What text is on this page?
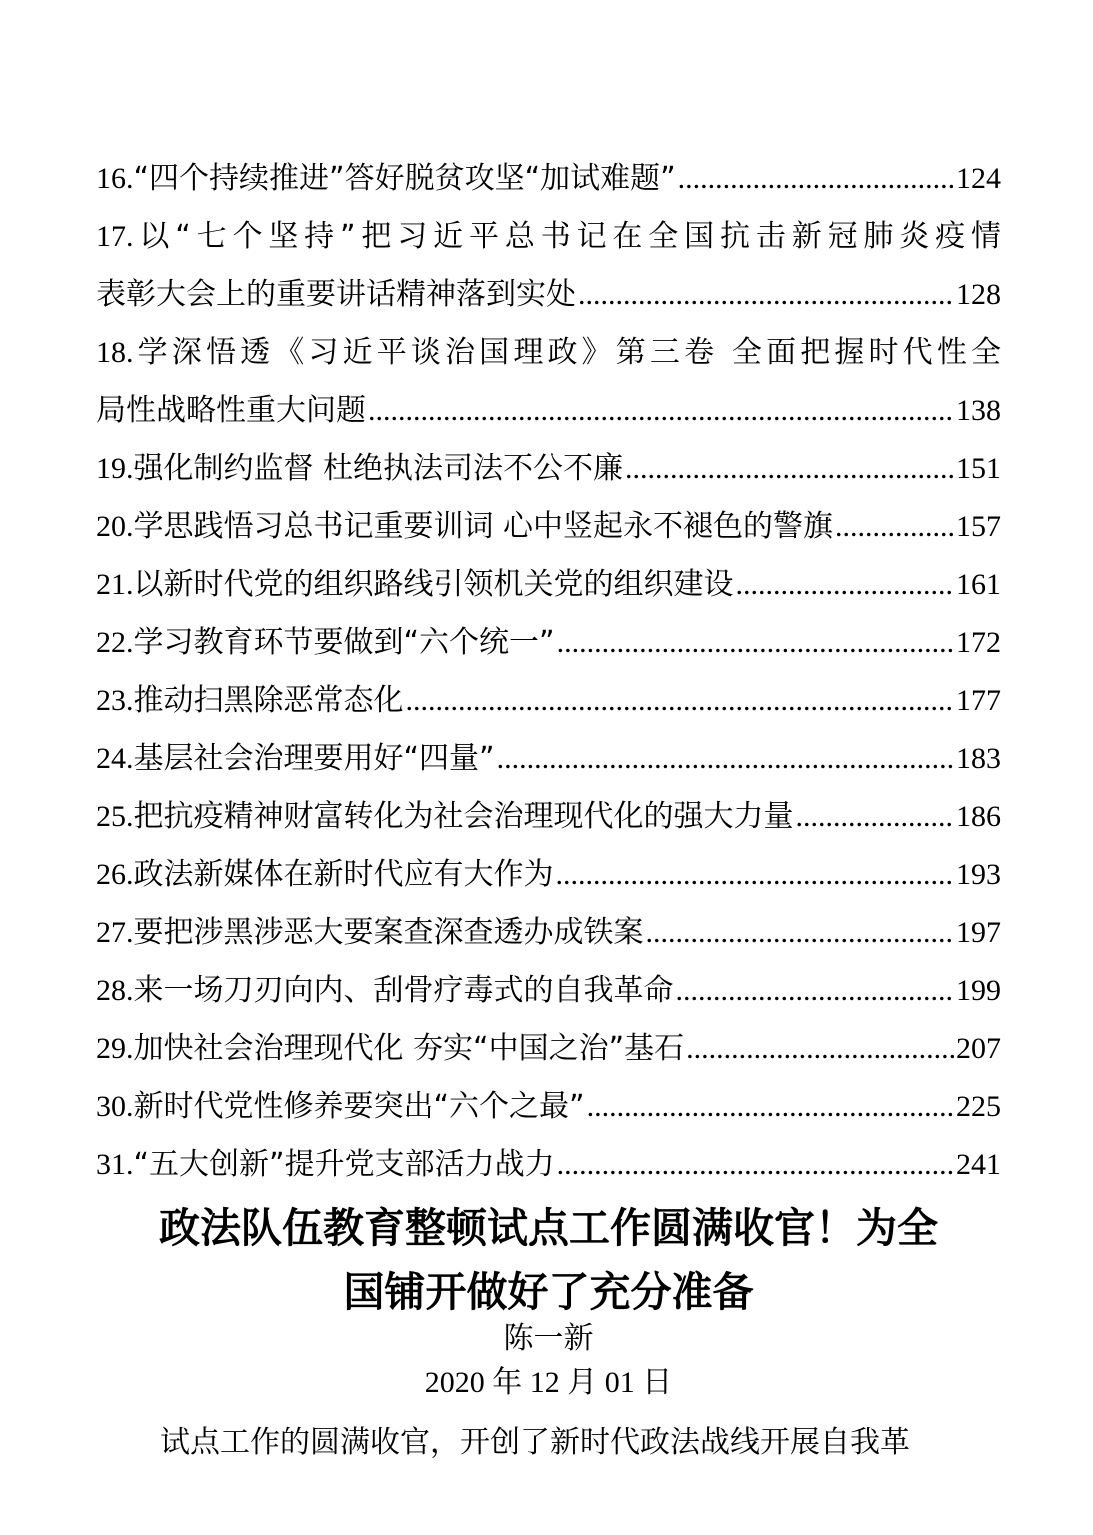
16.“四个持续推进”答好脱贫攻坚“加试难题” .....	124
17.以“七个坚持”把习近平总书记在全国抗击新冠肺炎疫情
表彰大会上的重要讲话精神落到实处 .....	128
18.学深悟透《习近平谈治国理政》第三卷 全面把握时代性全
局性战略性重大问题 .....	138
19.强化制约监督 杜绝执法司法不公不廉 .....	151
20.学思践悟习总书记重要训词 心中竖起永不褪色的警旗 .....	157
21.以新时代党的组织路线引领机关党的组织建设 .....	161
22.学习教育环节要做到“六个统一” .....	172
23.推动扫黑除恶常态化 .....	177
24.基层社会治理要用好“四量” .....	183
25.把抗疫精神财富转化为社会治理现代化的强大力量 .....	186
26.政法新媒体在新时代应有大作为 .....	193
27.要把涉黑涉恶大要案查深查透办成铁案 .....	197
28.来一场刀刃向内、刮骨疗毒式的自我革命 .....	199
29.加快社会治理现代化 夯实“中国之治”基石 .....	207
30.新时代党性修养要突出“六个之最” .....	225
31.“五大创新”提升党支部活力战力 .....	241
政法队伍教育整顿试点工作圆满收官！为全
国铺开做好了充分准备
陈一新
2020 年 12 月 01 日
试点工作的圆满收官，开创了新时代政法战线开展自我革
